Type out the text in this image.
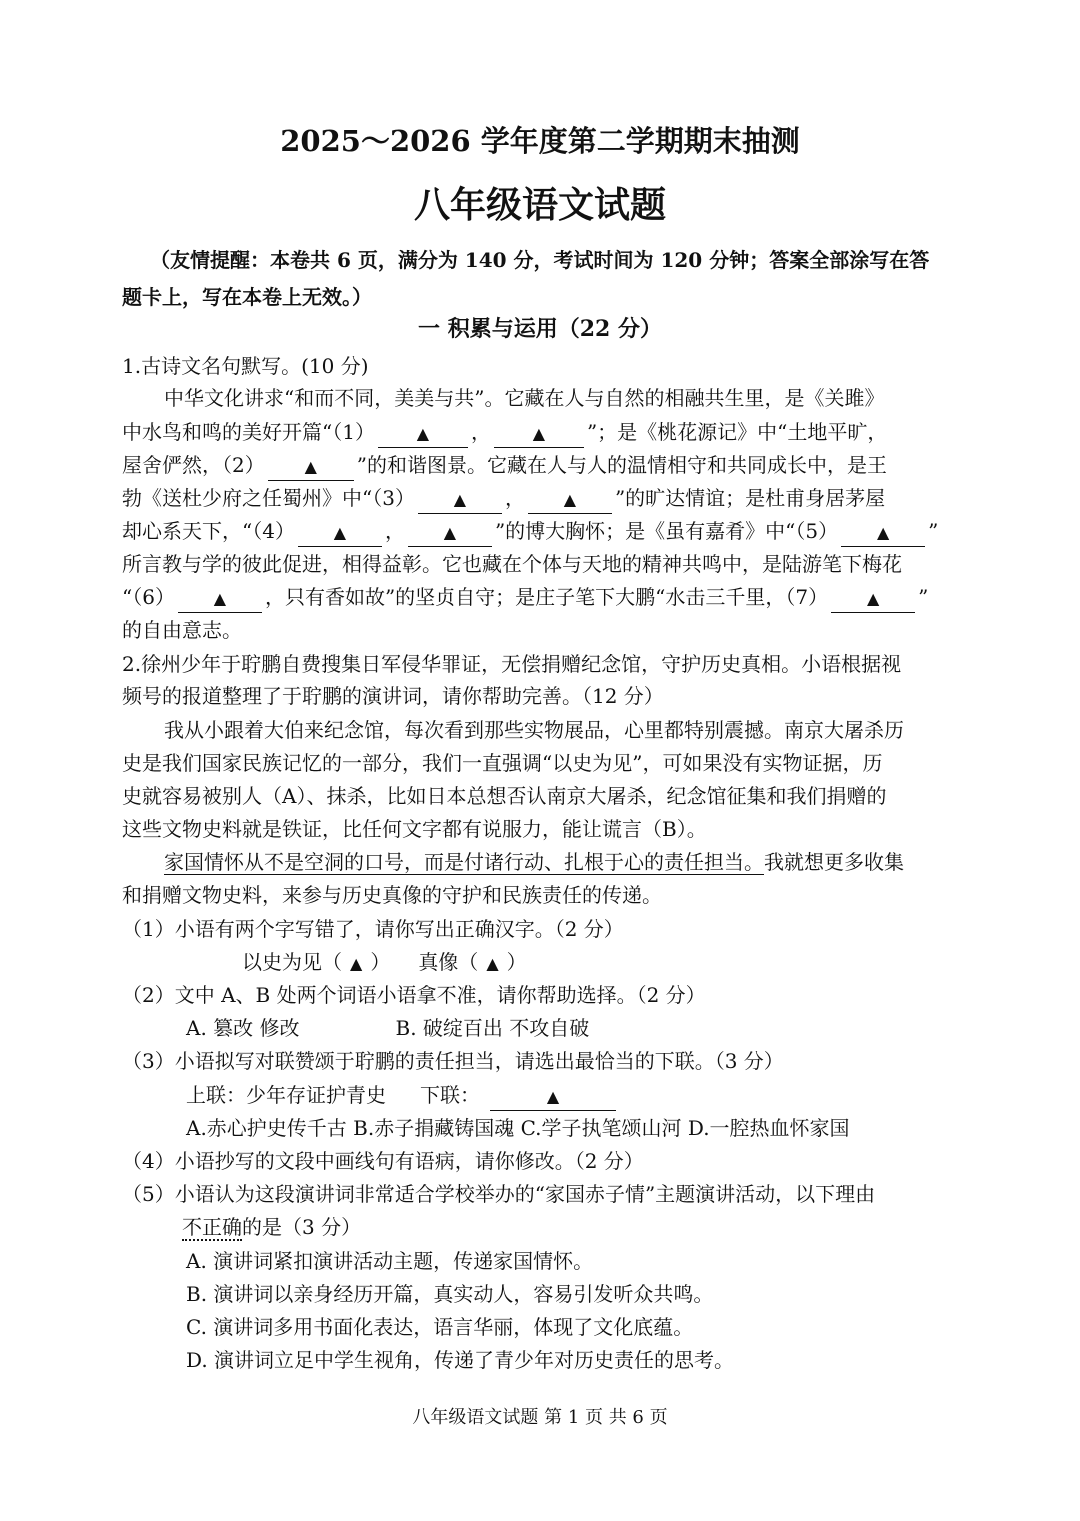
2025～2026 学年度第二学期期末抽测
八年级语文试题
（友情提醒：本卷共 6 页，满分为 140 分，考试时间为 120 分钟；答案全部涂写在答
题卡上，写在本卷上无效。）
一 积累与运用（22 分）
1.古诗文名句默写。(10 分)
中华文化讲求“和而不同，美美与共”。它藏在人与自然的相融共生里，是《关雎》
中水鸟和鸣的美好开篇“（1）	▲ ，	▲ ”；是《桃花源记》中“土地平旷，
屋舍俨然，（2） ▲ ”的和谐图景。它藏在人与人的温情相守和共同成长中，是王
勃《送杜少府之任蜀州》中“（3） ▲ ， ▲ ”的旷达情谊；是杜甫身居茅屋
却心系天下，“（4） ▲ ， ▲ ”的博大胸怀；是《虽有嘉肴》中“（5） ▲ ”
所言教与学的彼此促进，相得益彰。它也藏在个体与天地的精神共鸣中，是陆游笔下梅花
“（6） ▲ ，只有香如故”的坚贞自守；是庄子笔下大鹏“水击三千里，（7） ▲ ”
的自由意志。
2.徐州少年于聍鹏自费搜集日军侵华罪证，无偿捐赠纪念馆，守护历史真相。小语根据视
频号的报道整理了于聍鹏的演讲词，请你帮助完善。（12 分）
我从小跟着大伯来纪念馆，每次看到那些实物展品，心里都特别震撼。南京大屠杀历
史是我们国家民族记忆的一部分，我们一直强调“以史为见”，可如果没有实物证据，历
史就容易被别人（A）、抹杀，比如日本总想否认南京大屠杀，纪念馆征集和我们捐赠的
这些文物史料就是铁证，比任何文字都有说服力，能让谎言（B）。
家国情怀从不是空洞的口号，而是付诸行动、扎根于心的责任担当。我就想更多收集
和捐赠文物史料，来参与历史真像的守护和民族责任的传递。
（1）小语有两个字写错了，请你写出正确汉字。（2 分）
以史为见（ ▲ ） 真像（ ▲ ）
（2）文中 A、B 处两个词语小语拿不准，请你帮助选择。（2 分）
A. 篡改 修改	B. 破绽百出 不攻自破
（3）小语拟写对联赞颂于聍鹏的责任担当，请选出最恰当的下联。（3 分）
上联：少年存证护青史 下联：	▲
A.赤心护史传千古 B.赤子捐藏铸国魂 C.学子执笔颂山河 D.一腔热血怀家国
（4）小语抄写的文段中画线句有语病，请你修改。（2 分）
（5）小语认为这段演讲词非常适合学校举办的“家国赤子情”主题演讲活动，以下理由
不正确的是（3 分）
A. 演讲词紧扣演讲活动主题，传递家国情怀。
B. 演讲词以亲身经历开篇，真实动人，容易引发听众共鸣。
C. 演讲词多用书面化表达，语言华丽，体现了文化底蕴。
D. 演讲词立足中学生视角，传递了青少年对历史责任的思考。
八年级语文试题 第 1 页 共 6 页
